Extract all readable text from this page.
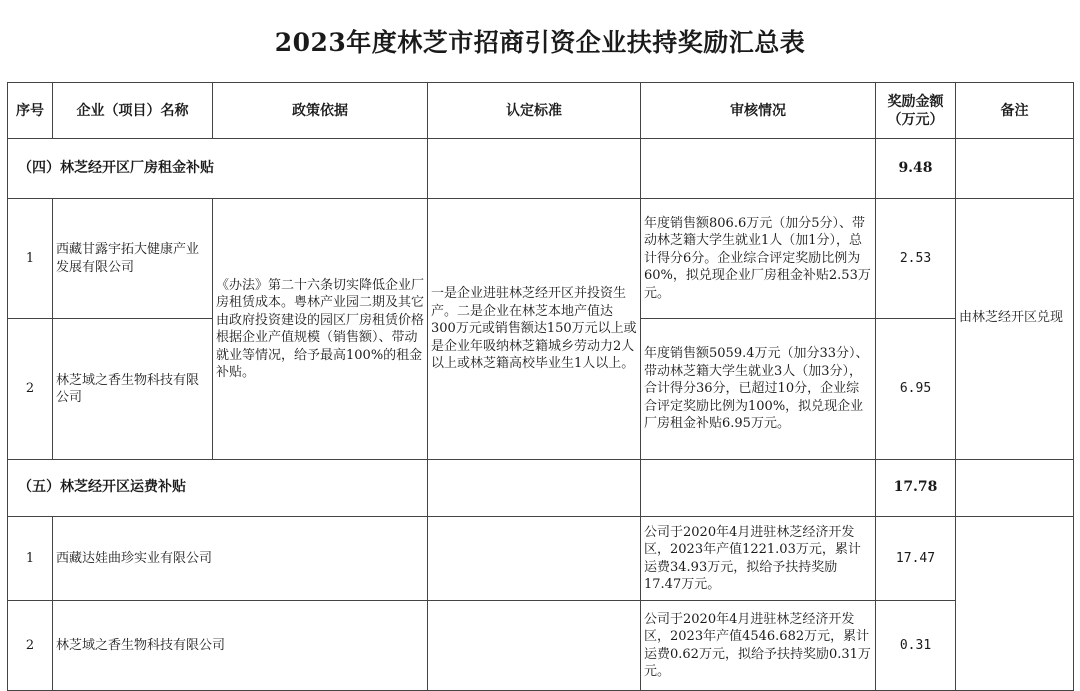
2023年度林芝市招商引资企业扶持奖励汇总表
序号	企业（项目）名称	政策依据	认定标准	审核情况	奖励金额（万元）	备注
（四）林芝经开区厂房租金补贴					9.48	
1	西藏甘露宇拓大健康产业发展有限公司	《办法》第二十六条切实降低企业厂房租赁成本。粤林产业园二期及其它由政府投资建设的园区厂房租赁价格根据企业产值规模（销售额）、带动就业等情况，给予最高100%的租金补贴。	一是企业进驻林芝经开区并投资生产。二是企业在林芝本地产值达300万元或销售额达150万元以上或是企业年吸纳林芝籍城乡劳动力2人以上或林芝籍高校毕业生1人以上。	年度销售额806.6万元（加分5分）、带动林芝籍大学生就业1人（加1分），总计得分6分。企业综合评定奖励比例为60%，拟兑现企业厂房租金补贴2.53万元。	2.53	由林芝经开区兑现
2	林芝域之香生物科技有限公司			年度销售额5059.4万元（加分33分）、带动林芝籍大学生就业3人（加3分），合计得分36分，已超过10分，企业综合评定奖励比例为100%，拟兑现企业厂房租金补贴6.95万元。	6.95	
（五）林芝经开区运费补贴					17.78	
1	西藏达娃曲珍实业有限公司			公司于2020年4月进驻林芝经济开发区，2023年产值1221.03万元，累计运费34.93万元，拟给予扶持奖励17.47万元。	17.47	
2	林芝域之香生物科技有限公司			公司于2020年4月进驻林芝经济开发区，2023年产值4546.682万元，累计运费0.62万元，拟给予扶持奖励0.31万元。	0.31	
